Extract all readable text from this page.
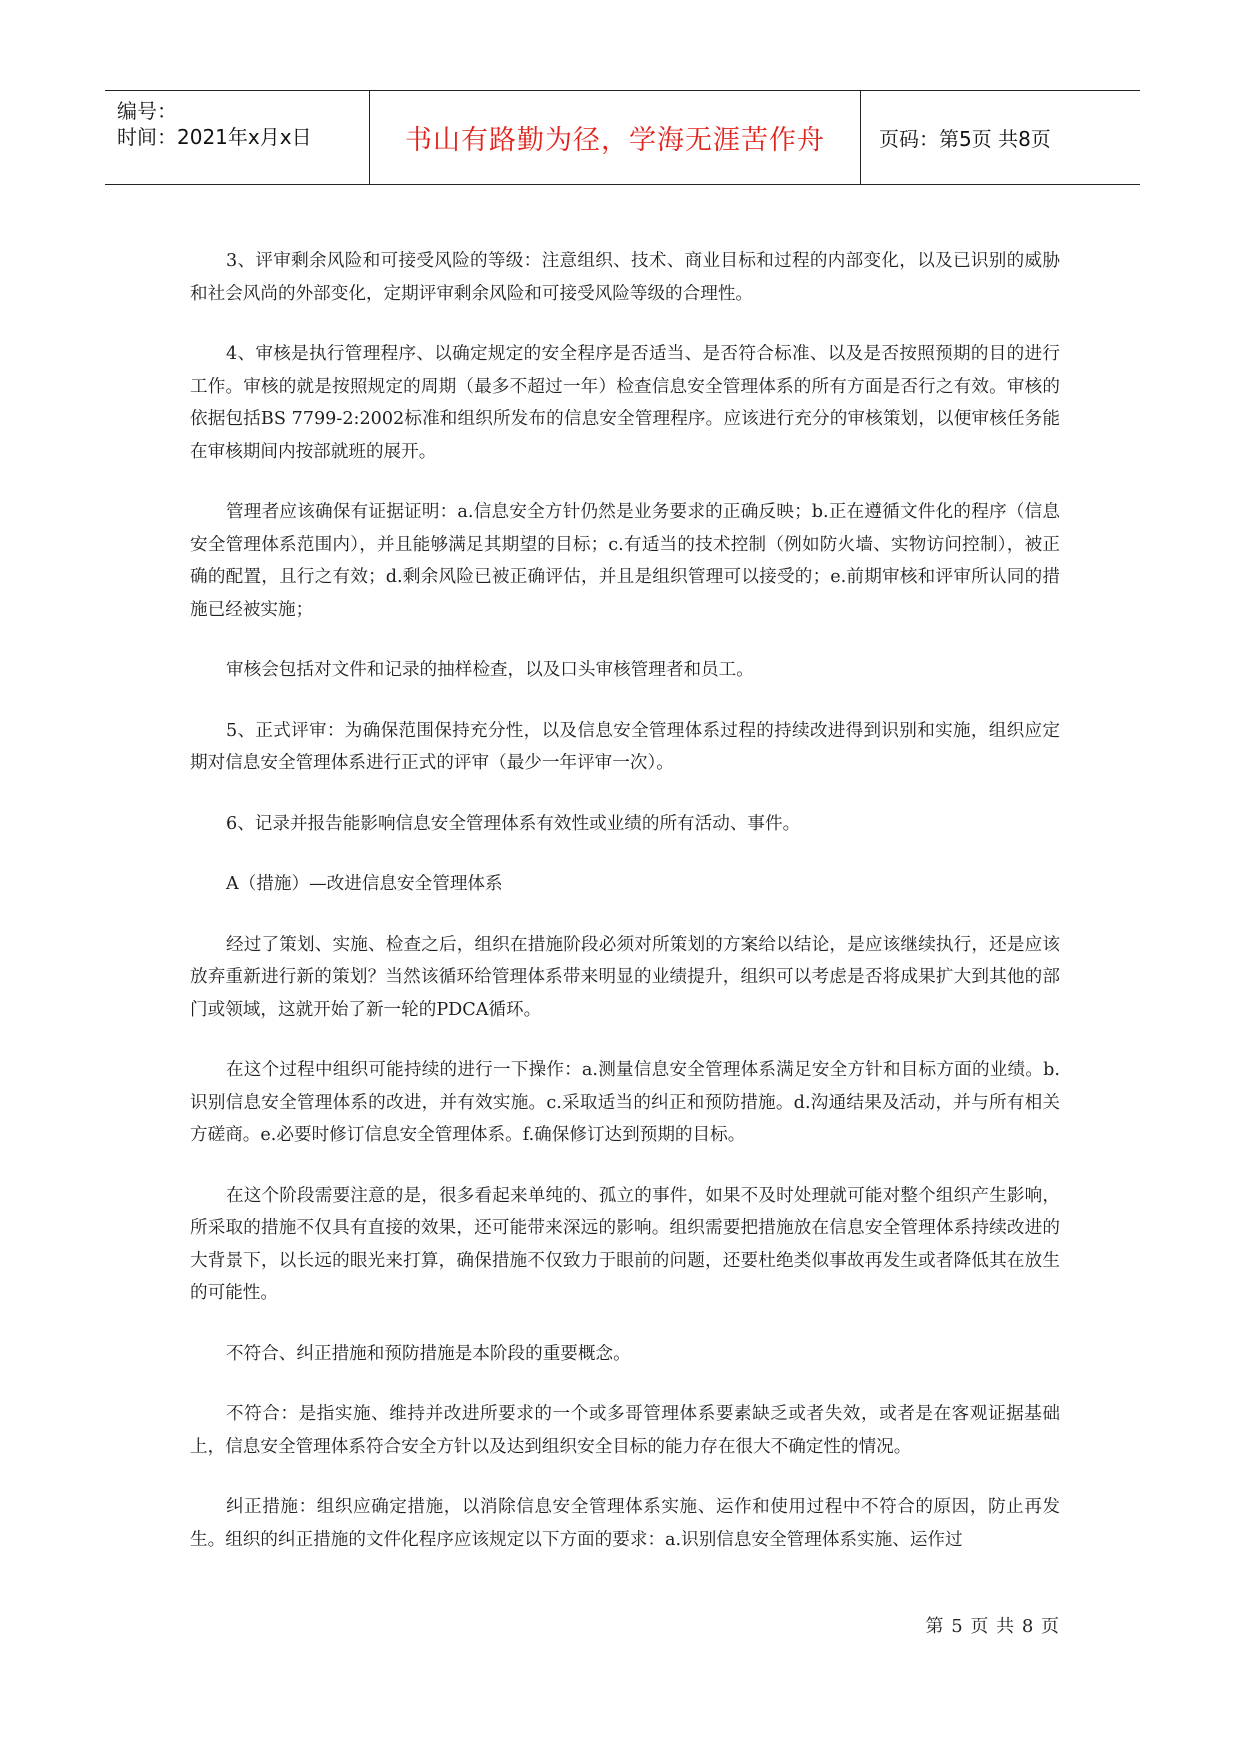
编号：
时间：2021年x月x日	书山有路勤为径，学海无涯苦作舟	页码：第5页 共8页

3、评审剩余风险和可接受风险的等级：注意组织、技术、商业目标和过程的内部变化，以及已识别的威胁和社会风尚的外部变化，定期评审剩余风险和可接受风险等级的合理性。

4、审核是执行管理程序、以确定规定的安全程序是否适当、是否符合标准、以及是否按照预期的目的进行工作。审核的就是按照规定的周期（最多不超过一年）检查信息安全管理体系的所有方面是否行之有效。审核的依据包括BS 7799-2:2002标准和组织所发布的信息安全管理程序。应该进行充分的审核策划，以便审核任务能在审核期间内按部就班的展开。

管理者应该确保有证据证明：a.信息安全方针仍然是业务要求的正确反映；b.正在遵循文件化的程序（信息安全管理体系范围内），并且能够满足其期望的目标；c.有适当的技术控制（例如防火墙、实物访问控制），被正确的配置，且行之有效；d.剩余风险已被正确评估，并且是组织管理可以接受的；e.前期审核和评审所认同的措施已经被实施；

审核会包括对文件和记录的抽样检查，以及口头审核管理者和员工。

5、正式评审：为确保范围保持充分性，以及信息安全管理体系过程的持续改进得到识别和实施，组织应定期对信息安全管理体系进行正式的评审（最少一年评审一次）。

6、记录并报告能影响信息安全管理体系有效性或业绩的所有活动、事件。

A（措施）—改进信息安全管理体系

经过了策划、实施、检查之后，组织在措施阶段必须对所策划的方案给以结论，是应该继续执行，还是应该放弃重新进行新的策划？当然该循环给管理体系带来明显的业绩提升，组织可以考虑是否将成果扩大到其他的部门或领域，这就开始了新一轮的PDCA循环。

在这个过程中组织可能持续的进行一下操作：a.测量信息安全管理体系满足安全方针和目标方面的业绩。b.识别信息安全管理体系的改进，并有效实施。c.采取适当的纠正和预防措施。d.沟通结果及活动，并与所有相关方磋商。e.必要时修订信息安全管理体系。f.确保修订达到预期的目标。

在这个阶段需要注意的是，很多看起来单纯的、孤立的事件，如果不及时处理就可能对整个组织产生影响，所采取的措施不仅具有直接的效果，还可能带来深远的影响。组织需要把措施放在信息安全管理体系持续改进的大背景下，以长远的眼光来打算，确保措施不仅致力于眼前的问题，还要杜绝类似事故再发生或者降低其在放生的可能性。

不符合、纠正措施和预防措施是本阶段的重要概念。

不符合：是指实施、维持并改进所要求的一个或多哥管理体系要素缺乏或者失效，或者是在客观证据基础上，信息安全管理体系符合安全方针以及达到组织安全目标的能力存在很大不确定性的情况。

纠正措施：组织应确定措施，以消除信息安全管理体系实施、运作和使用过程中不符合的原因，防止再发生。组织的纠正措施的文件化程序应该规定以下方面的要求：a.识别信息安全管理体系实施、运作过

第 5 页 共 8 页
